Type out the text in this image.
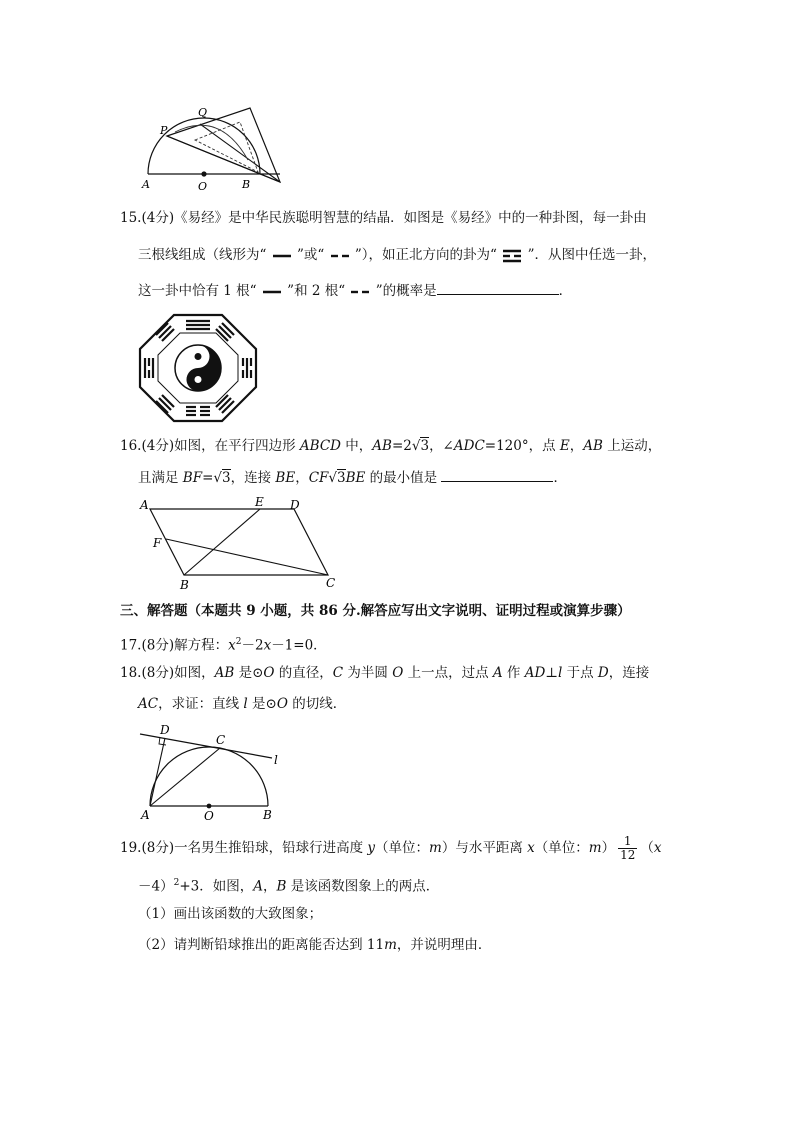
P
Q
A	O	B
15.(4分)《易经》是中华民族聪明智慧的结晶．如图是《易经》中的一种卦图，每一卦由
三根线组成（线形为“ ”或“ ”），如正北方向的卦为“ ”．从图中任选一卦，
这一卦中恰有 1 根“ ”和 2 根“ ”的概率是	．
16.(4分)如图，在平行四边形 ABCD 中，AB=2√3，∠ADC=120°，点 E，AB 上运动，
且满足 BF=√3，连接 BE，CF√3BE 的最小值是	．
A	E D
F
B	C
三、解答题（本题共 9 小题，共 86 分.解答应写出文字说明、证明过程或演算步骤）
17.(8分)解方程：$x^2-2x-1=0$．
18.(8分)如图，AB 是⊙O 的直径，C 为半圆 O 上一点，过点 A 作 AD⊥l 于点 D，连接
AC，求证：直线 l 是⊙O 的切线．
D
C
l
A	O	B
19.(8分)一名男生推铅球，铅球行进高度 y（单位：m）与水平距离 x（单位：$m) \frac{1}{12} (x$
－4）$^2$+3．如图，A，B 是该函数图象上的两点．
（1）画出该函数的大致图象；
（2）请判断铅球推出的距离能否达到 11m，并说明理由．
